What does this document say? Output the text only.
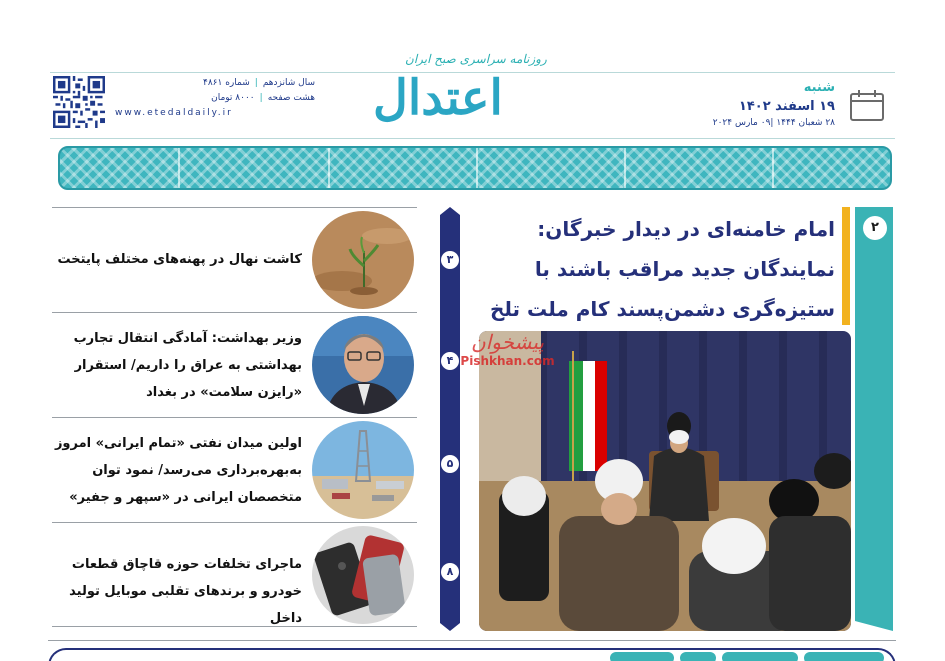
شنبه
۱۹ اسفند ۱۴۰۲
۲۸ شعبان ۱۴۴۴ |۰۹ مارس ۲۰۲۴
روزنامه سراسری صبح ایران
اعتدال
سال شانزدهم|شماره ۴۸۶۱
هشت صفحه|۸۰۰۰ تومان
www.etedaldaily.ir
کاشت نهال در پهنه‌های مختلف پایتخت
وزیر بهداشت: آمادگی انتقال تجارب بهداشتی به عراق را داریم/ استقرار «رایزن سلامت» در بغداد
اولین میدان نفتی «تمام ایرانی» امروز به‌بهره‌برداری می‌رسد/ نمود توان متخصصان ایرانی در «سپهر و جفیر»
ماجرای تخلفات حوزه قاچاق قطعات خودرو و برندهای تقلبی موبایل تولید داخل
۳
۴
۵
۸
۲
امام خامنه‌ای در دیدار خبرگان: نمایندگان جدید مراقب باشند با ستیزه‌گری دشمن‌پسند کام ملت تلخ
پیشخوان
Pishkhan.com
